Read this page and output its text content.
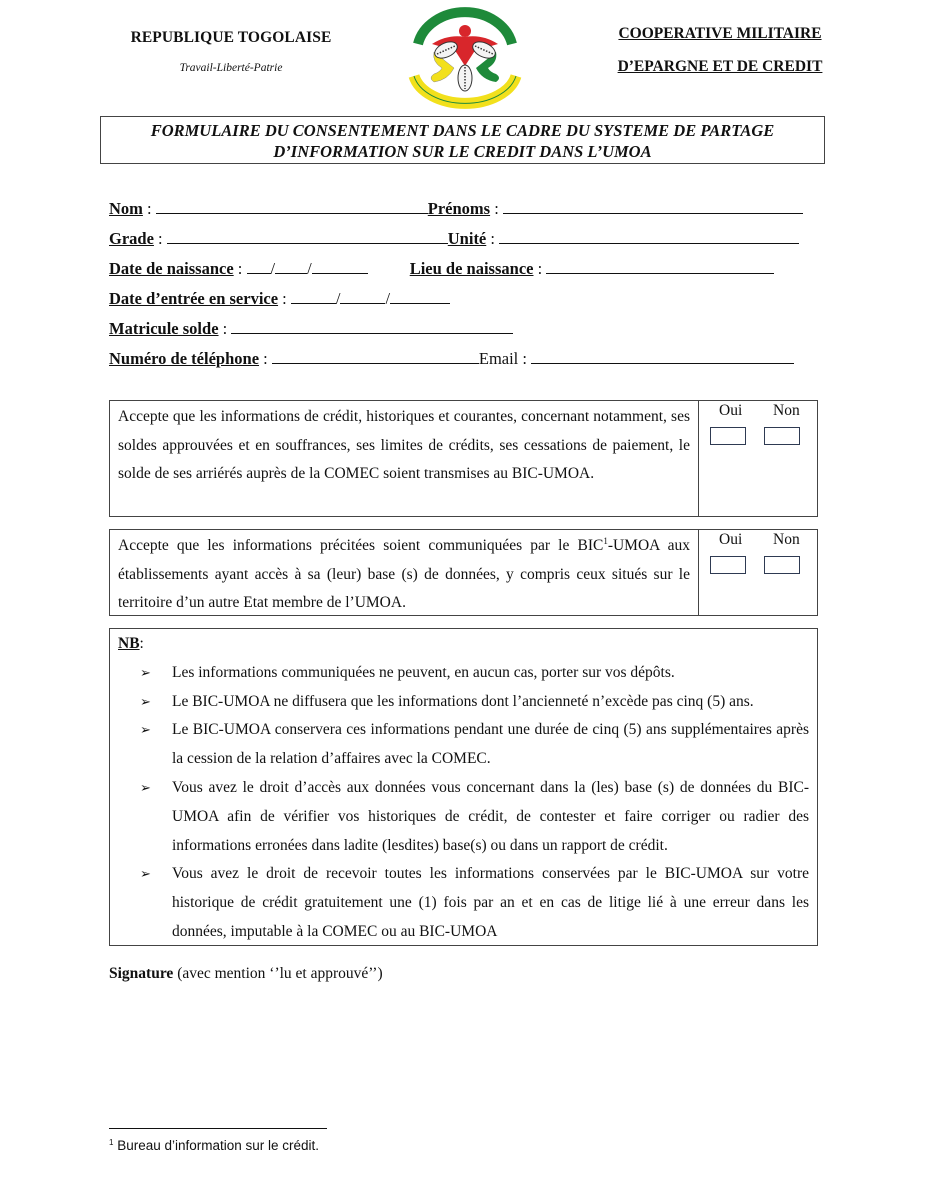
REPUBLIQUE TOGOLAISE
Travail-Liberté-Patrie
COOPERATIVE MILITAIRE
D’EPARGNE ET DE CREDIT
FORMULAIRE DU CONSENTEMENT DANS LE CADRE DU SYSTEME DE PARTAGE
D’INFORMATION SUR LE CREDIT DANS L’UMOA
Nom :	Prénoms :
Grade :	Unité :
Date de naissance : / /	Lieu de naissance :
Date d’entrée en service :	/	/
Matricule solde :
Numéro de téléphone :	Email :
Accepte que les informations de crédit, historiques et courantes, concernant notamment, ses soldes approuvées et en souffrances, ses limites de crédits, ses cessations de paiement, le solde de ses arriérés auprès de la COMEC soient transmises au BIC-UMOA.
Oui Non
Accepte que les informations précitées soient communiquées par le BIC$^1$-UMOA aux établissements ayant accès à sa (leur) base (s) de données, y compris ceux situés sur le territoire d’un autre Etat membre de l’UMOA.
Oui Non
NB:
➢ Les informations communiquées ne peuvent, en aucun cas, porter sur vos dépôts.
➢ Le BIC-UMOA ne diffusera que les informations dont l’ancienneté n’excède pas cinq (5) ans.
➢ Le BIC-UMOA conservera ces informations pendant une durée de cinq (5) ans supplémentaires après la cession de la relation d’affaires avec la COMEC.
➢ Vous avez le droit d’accès aux données vous concernant dans la (les) base (s) de données du BIC-UMOA afin de vérifier vos historiques de crédit, de contester et faire corriger ou radier des informations erronées dans ladite (lesdites) base(s) ou dans un rapport de crédit.
➢ Vous avez le droit de recevoir toutes les informations conservées par le BIC-UMOA sur votre historique de crédit gratuitement une (1) fois par an et en cas de litige lié à une erreur dans les données, imputable à la COMEC ou au BIC-UMOA
Signature (avec mention ‘’lu et approuvé’’)
$^1$ Bureau d’information sur le crédit.
